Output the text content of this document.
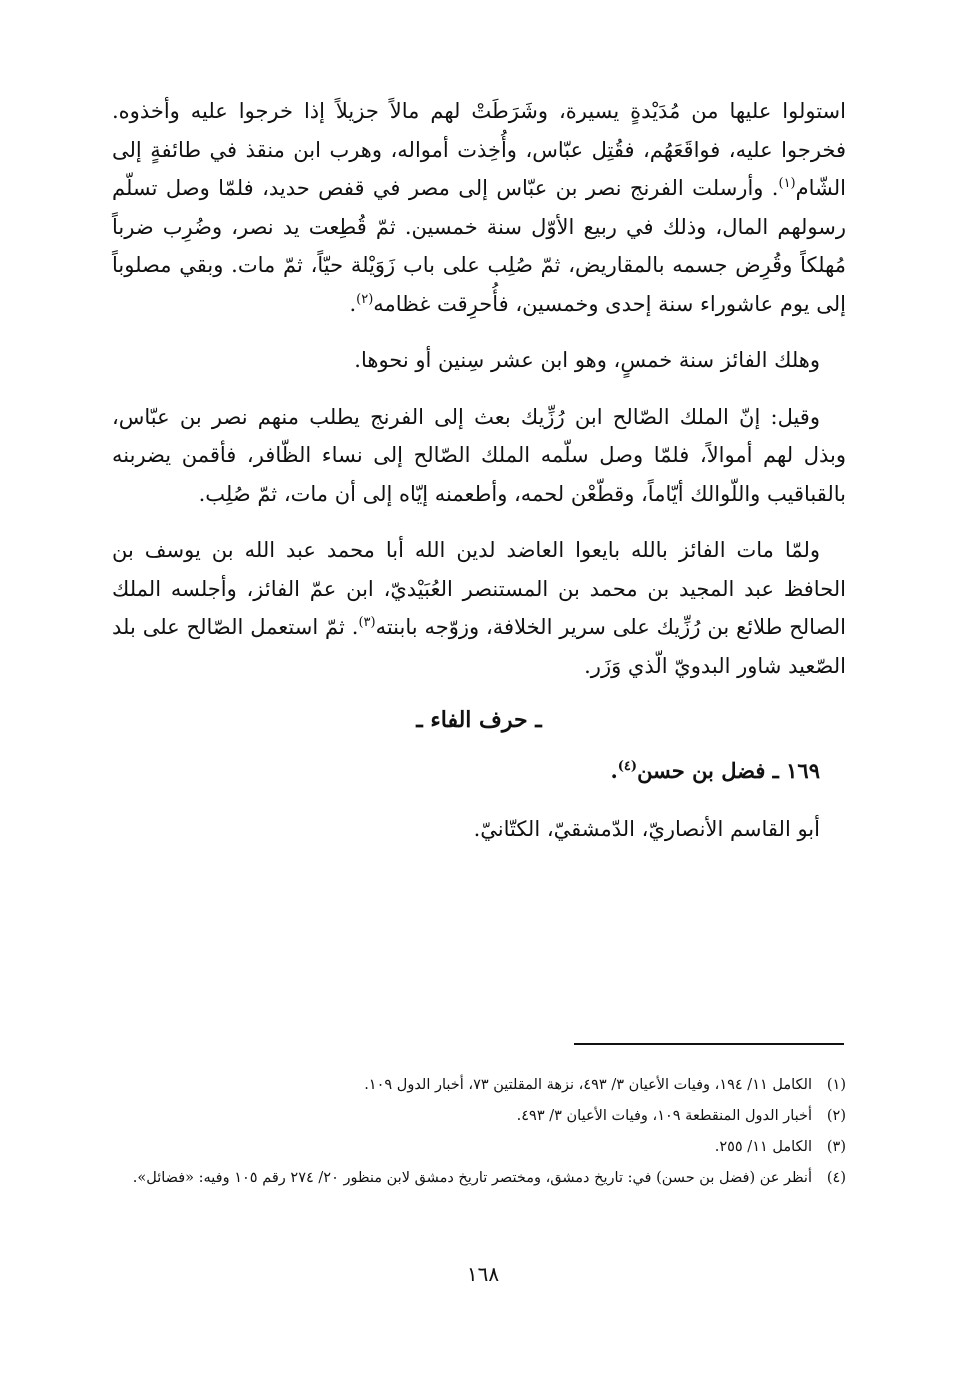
استولوا عليها من مُدَيْدةٍ يسيرة، وشَرَطَتْ لهم مالاً جزيلاً إذا خرجوا عليه وأخذوه. فخرجوا عليه، فواقَعَهُم، فقُتِل عبّاس، وأُخِذت أمواله، وهرب ابن منقذ في طائفةٍ إلى الشّام$^{(١)}$. وأرسلت الفرنج نصر بن عبّاس إلى مصر في قفص حديد، فلمّا وصل تسلّم رسولهم المال، وذلك في ربيع الأوّل سنة خمسين. ثمّ قُطِعت يد نصر، وضُرِب ضرباً مُهلكاً وقُرِض جسمه بالمقاريض، ثمّ صُلِب على باب زَوَيْلة حيّاً، ثمّ مات. وبقي مصلوباً إلى يوم عاشوراء سنة إحدى وخمسين، فأُحرِقت غظامه$^{(٢)}$.

وهلك الفائز سنة خمسٍ، وهو ابن عشر سِنين أو نحوها.

وقيل: إنّ الملك الصّالح ابن رُزِّيك بعث إلى الفرنج يطلب منهم نصر بن عبّاس، وبذل لهم أموالاً، فلمّا وصل سلّمه الملك الصّالح إلى نساء الظّافر، فأقمن يضربنه بالقباقيب واللّوالك أيّاماً، وقطّعْن لحمه، وأطعمنه إيّاه إلى أن مات، ثمّ صُلِب.

ولمّا مات الفائز بالله بايعوا العاضد لدين الله أبا محمد عبد الله بن يوسف بن الحافظ عبد المجيد بن محمد بن المستنصر العُبَيْديّ، ابن عمّ الفائز، وأجلسه الملك الصالح طلائع بن رُزِّيك على سرير الخلافة، وزوّجه بابنته$^{(٣)}$. ثمّ استعمل الصّالح على بلد الصّعيد شاور البدويّ الّذي وَزَر.

ـ حرف الفاء ـ
١٦٩ ـ فضل بن حسن$^{(٤)}$.

أبو القاسم الأنصاريّ، الدّمشقيّ، الكتّانيّ.

(١)
الكامل ١١/ ١٩٤، وفيات الأعيان ٣/ ٤٩٣، نزهة المقلتين ٧٣، أخبار الدول ١٠٩.
(٢)
أخبار الدول المنقطعة ١٠٩، وفيات الأعيان ٣/ ٤٩٣.
(٣)
الكامل ١١/ ٢٥٥.
(٤)
أنظر عن (فضل بن حسن) في: تاريخ دمشق، ومختصر تاريخ دمشق لابن منظور ٢٠/ ٢٧٤ رقم ١٠٥ وفيه: «فضائل».
١٦٨
